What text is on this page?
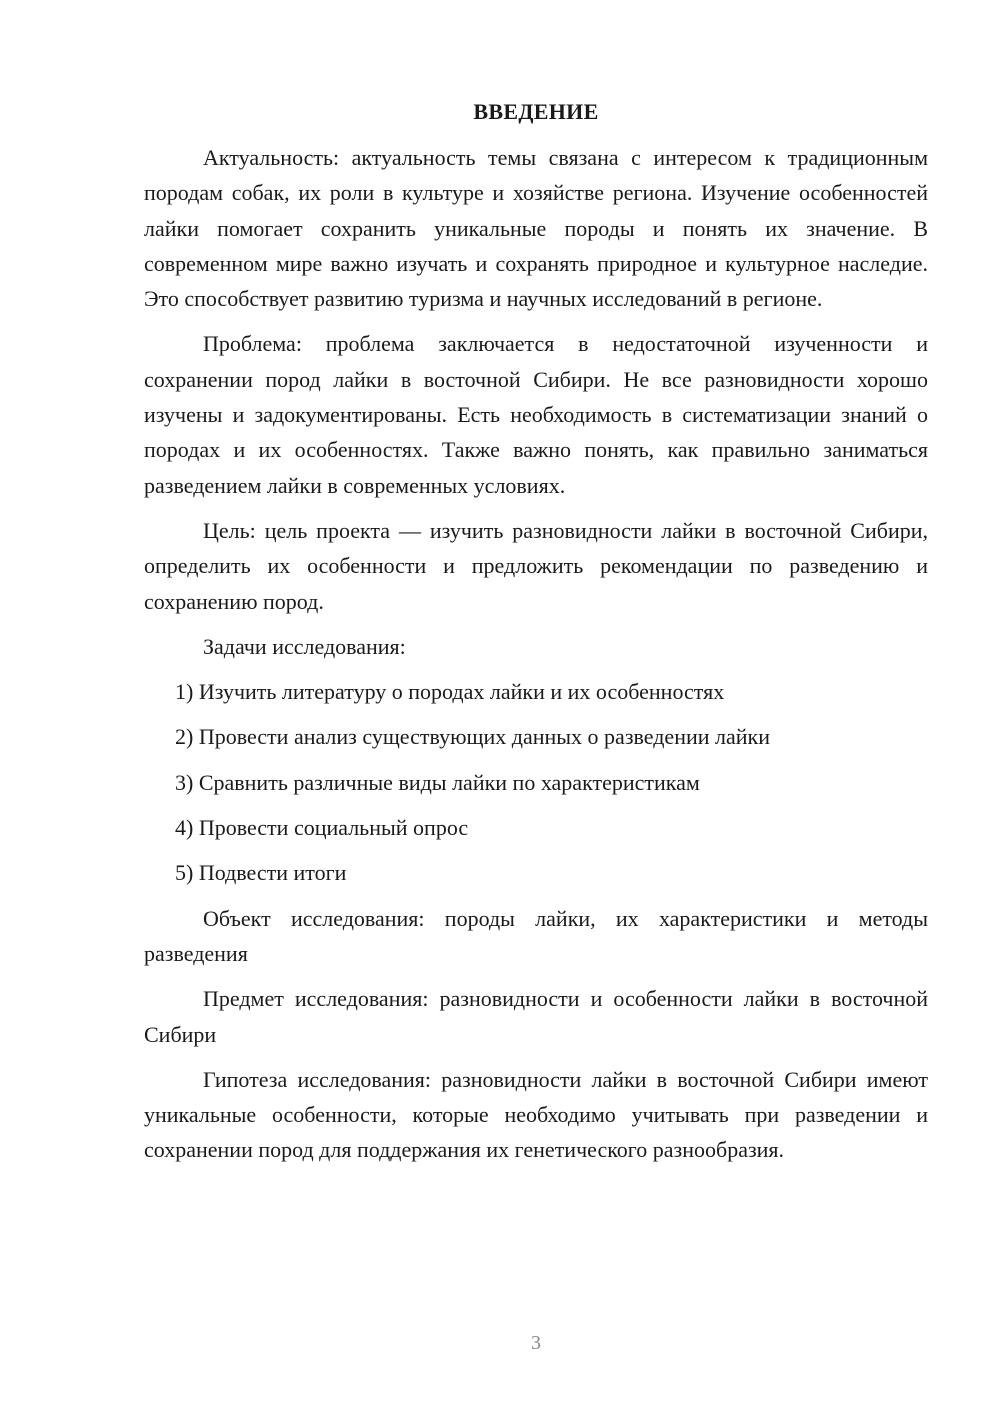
ВВЕДЕНИЕ

Актуальность: актуальность темы связана с интересом к традиционным породам собак, их роли в культуре и хозяйстве региона. Изучение особенностей лайки помогает сохранить уникальные породы и понять их значение. В современном мире важно изучать и сохранять природное и культурное наследие. Это способствует развитию туризма и научных исследований в регионе.

Проблема: проблема заключается в недостаточной изученности и сохранении пород лайки в восточной Сибири. Не все разновидности хорошо изучены и задокументированы. Есть необходимость в систематизации знаний о породах и их особенностях. Также важно понять, как правильно заниматься разведением лайки в современных условиях.

Цель: цель проекта — изучить разновидности лайки в восточной Сибири, определить их особенности и предложить рекомендации по разведению и сохранению пород.

Задачи исследования:

1) Изучить литературу о породах лайки и их особенностях

2) Провести анализ существующих данных о разведении лайки

3) Сравнить различные виды лайки по характеристикам

4) Провести социальный опрос

5) Подвести итоги

Объект исследования: породы лайки, их характеристики и методы разведения

Предмет исследования: разновидности и особенности лайки в восточной Сибири

Гипотеза исследования: разновидности лайки в восточной Сибири имеют уникальные особенности, которые необходимо учитывать при разведении и сохранении пород для поддержания их генетического разнообразия.

3
